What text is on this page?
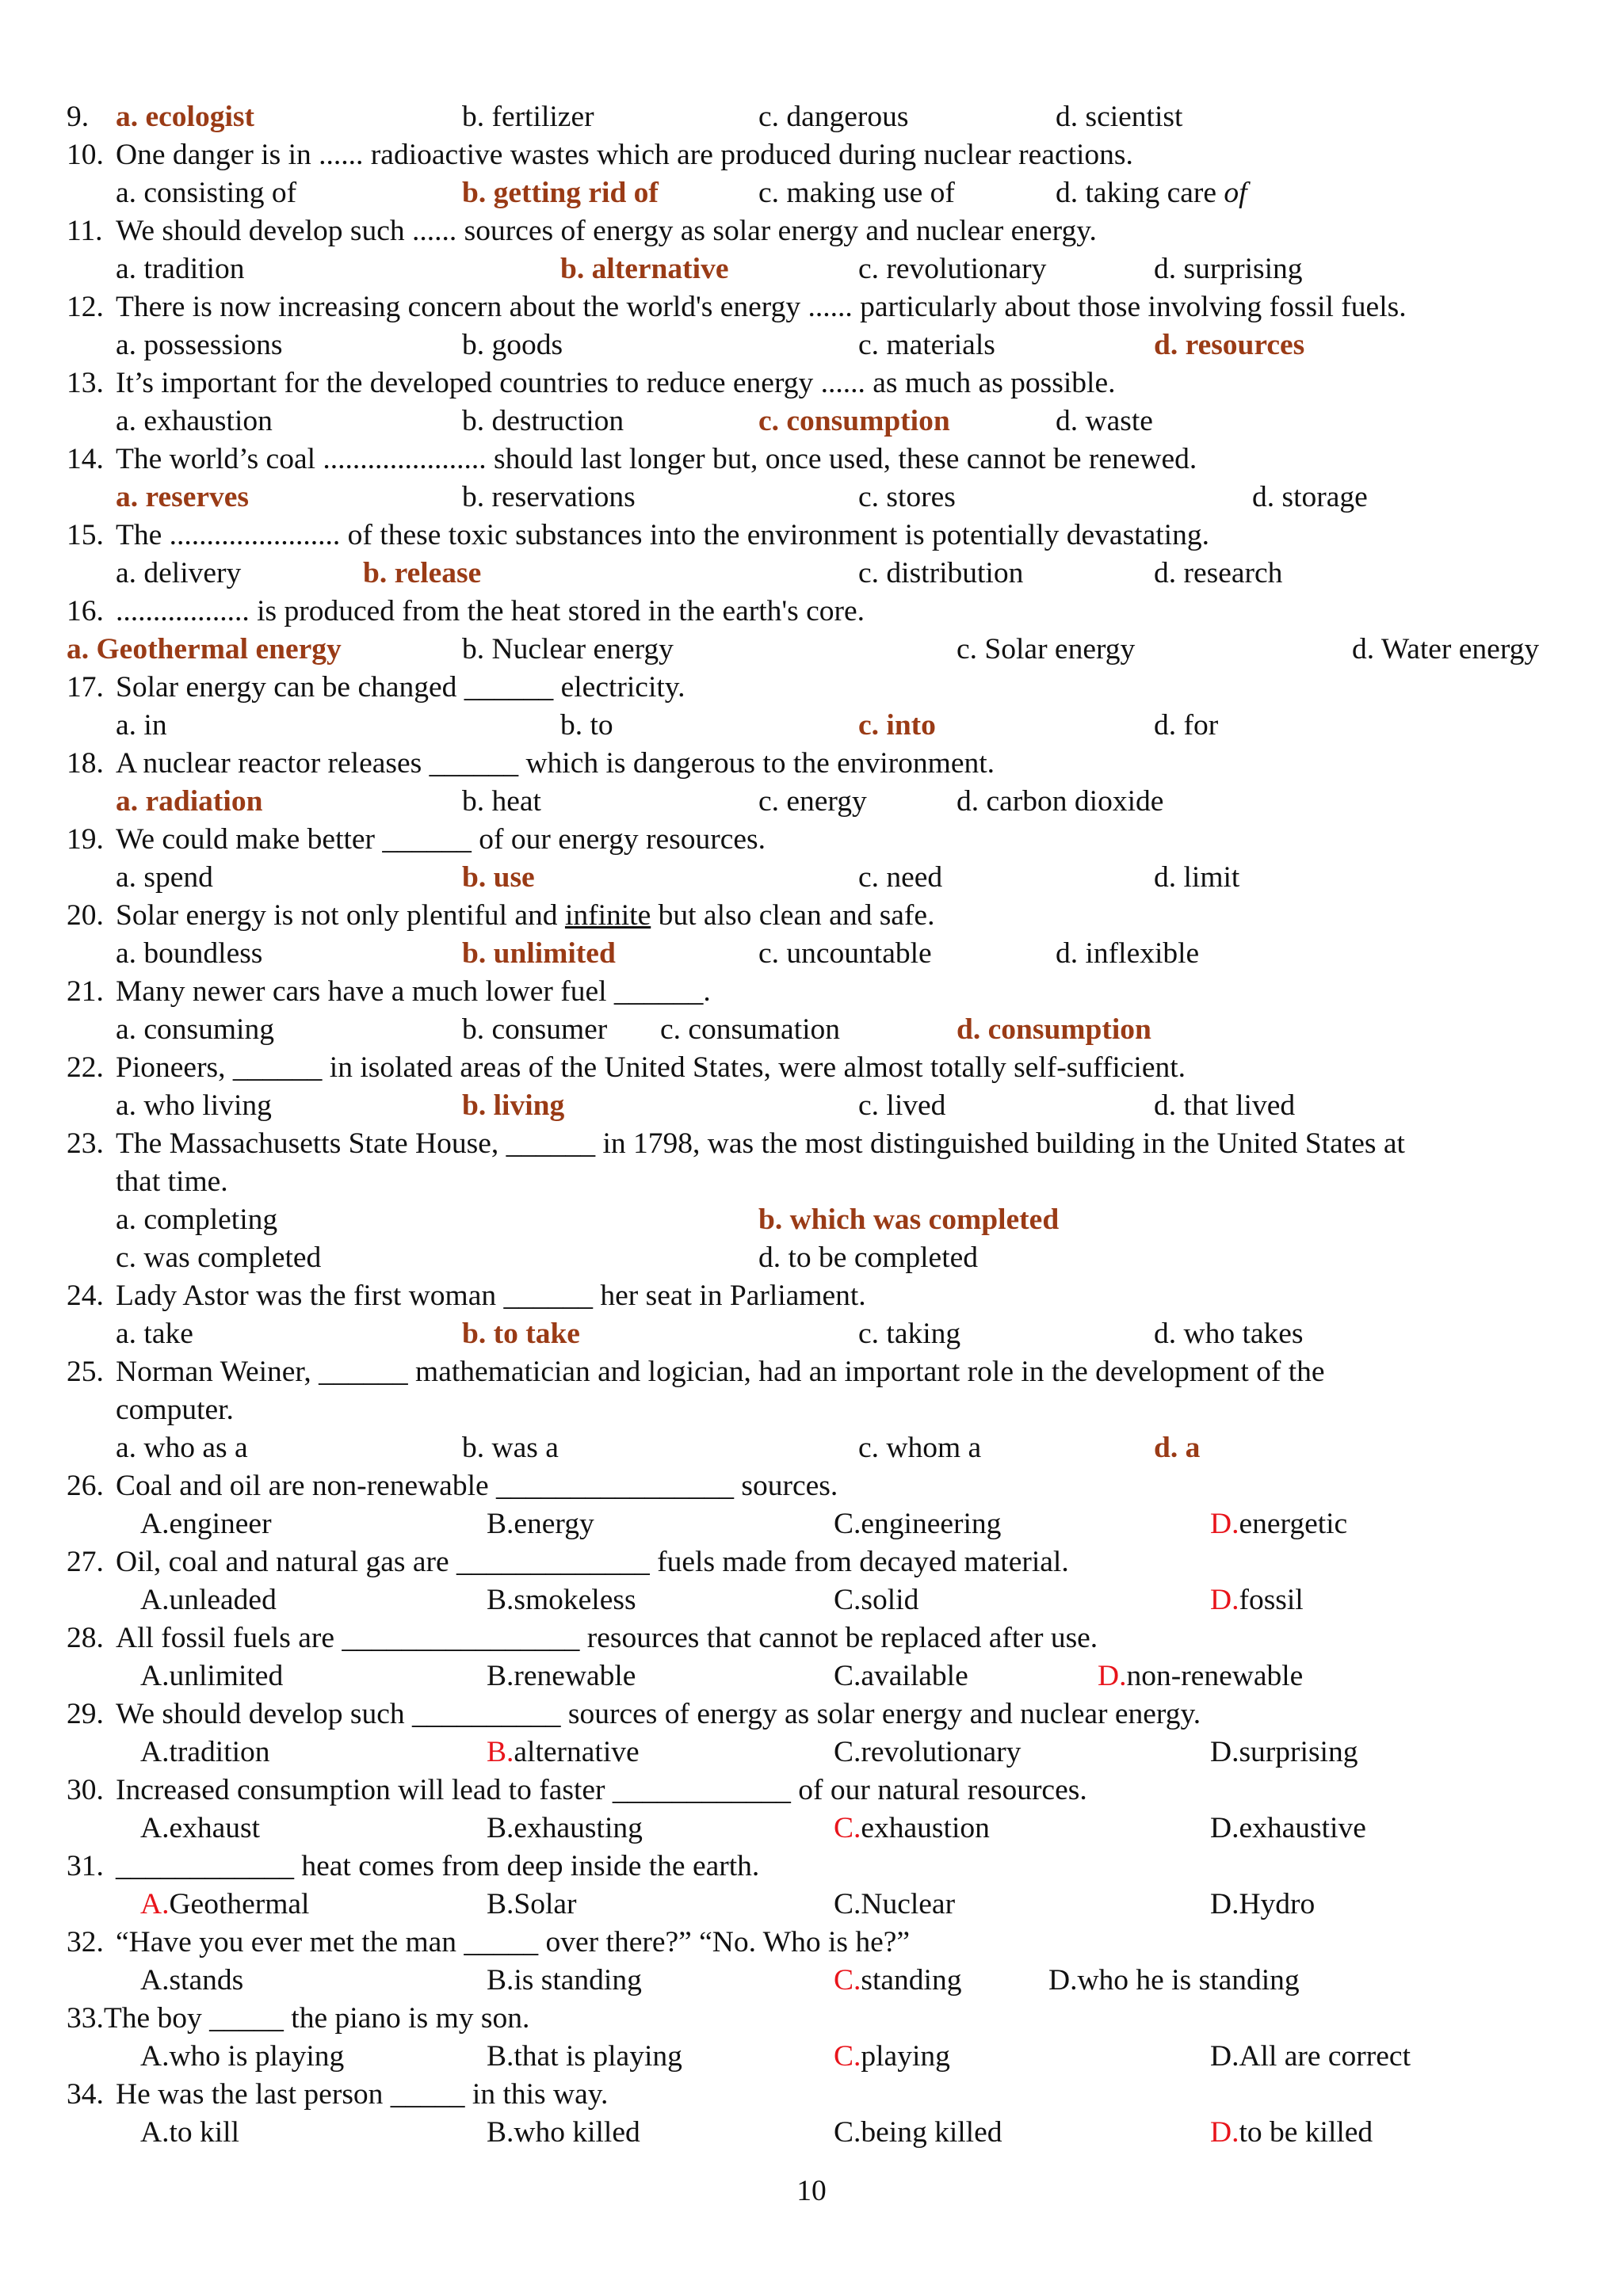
9. a. ecologist	b. fertilizer	c. dangerous	d. scientist
10. One danger is in ...... radioactive wastes which are produced during nuclear reactions.
a. consisting of	b. getting rid of	c. making use of	d. taking care of
11. We should develop such ...... sources of energy as solar energy and nuclear energy.
a. tradition	b. alternative	c. revolutionary	d. surprising
12. There is now increasing concern about the world's energy ...... particularly about those involving fossil fuels.
a. possessions	b. goods	c. materials	d. resources
13. It’s important for the developed countries to reduce energy ...... as much as possible.
a. exhaustion	b. destruction	c. consumption	d. waste
14. The world’s coal ...................... should last longer but, once used, these cannot be renewed.
a. reserves	b. reservations	c. stores	d. storage
15. The ....................... of these toxic substances into the environment is potentially devastating.
a. delivery	b. release	c. distribution	d. research
16. .................. is produced from the heat stored in the earth's core.
a. Geothermal energy	b. Nuclear energy	c. Solar energy	d. Water energy
17. Solar energy can be changed ______ electricity.
a. in	b. to	c. into	d. for
18. A nuclear reactor releases ______ which is dangerous to the environment.
a. radiation	b. heat	c. energy	d. carbon dioxide
19. We could make better ______ of our energy resources.
a. spend	b. use	c. need	d. limit
20. Solar energy is not only plentiful and infinite but also clean and safe.
a. boundless	b. unlimited	c. uncountable	d. inflexible
21. Many newer cars have a much lower fuel ______.
a. consuming	b. consumer c. consumation	d. consumption
22. Pioneers, ______ in isolated areas of the United States, were almost totally self-sufficient.
a. who living	b. living	c. lived	d. that lived
23. The Massachusetts State House, ______ in 1798, was the most distinguished building in the United States at
that time.
a. completing	b. which was completed
c. was completed	d. to be completed
24. Lady Astor was the first woman ______ her seat in Parliament.
a. take	b. to take	c. taking	d. who takes
25. Norman Weiner, ______ mathematician and logician, had an important role in the development of the
computer.
a. who as a	b. was a	c. whom a	d. a
26. Coal and oil are non-renewable ________________ sources.
A.engineer	B.energy	C.engineering	D.energetic
27. Oil, coal and natural gas are _____________ fuels made from decayed material.
A.unleaded	B.smokeless	C.solid	D.fossil
28. All fossil fuels are ________________ resources that cannot be replaced after use.
A.unlimited	B.renewable	C.available	D.non-renewable
29. We should develop such __________ sources of energy as solar energy and nuclear energy.
A.tradition	B.alternative	C.revolutionary	D.surprising
30. Increased consumption will lead to faster ____________ of our natural resources.
A.exhaust	B.exhausting	C.exhaustion	D.exhaustive
31. ____________ heat comes from deep inside the earth.
A.Geothermal	B.Solar	C.Nuclear	D.Hydro
32. “Have you ever met the man _____ over there?” “No. Who is he?”
A.stands	B.is standing	C.standing	D.who he is standing
33.The boy _____ the piano is my son.
A.who is playing	B.that is playing	C.playing	D.All are correct
34. He was the last person _____ in this way.
A.to kill	B.who killed	C.being killed	D.to be killed
10
